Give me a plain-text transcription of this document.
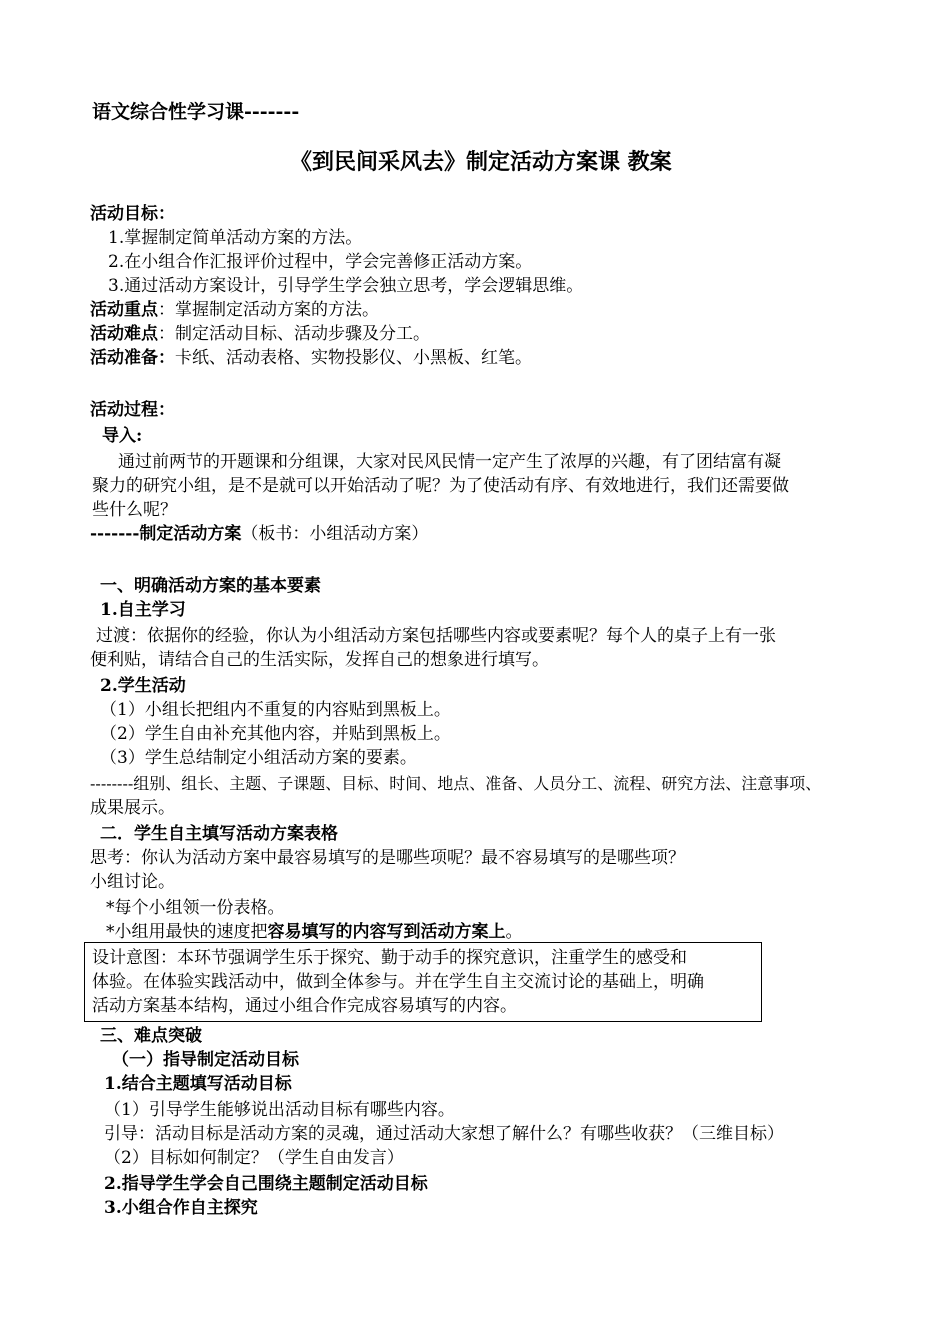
语文综合性学习课-------
《到民间采风去》制定活动方案课 教案
活动目标：
1.掌握制定简单活动方案的方法。
2.在小组合作汇报评价过程中，学会完善修正活动方案。
3.通过活动方案设计，引导学生学会独立思考，学会逻辑思维。
活动重点：掌握制定活动方案的方法。
活动难点：制定活动目标、活动步骤及分工。
活动准备：卡纸、活动表格、实物投影仪、小黑板、红笔。
活动过程：
导入:
通过前两节的开题课和分组课，大家对民风民情一定产生了浓厚的兴趣，有了团结富有凝
聚力的研究小组，是不是就可以开始活动了呢？为了使活动有序、有效地进行，我们还需要做
些什么呢？
-------制定活动方案（板书：小组活动方案）
一、明确活动方案的基本要素
1.自主学习
过渡：依据你的经验，你认为小组活动方案包括哪些内容或要素呢？每个人的桌子上有一张
便利贴，请结合自己的生活实际，发挥自己的想象进行填写。
2.学生活动
（1）小组长把组内不重复的内容贴到黑板上。
（2）学生自由补充其他内容，并贴到黑板上。
（3）学生总结制定小组活动方案的要素。
--------组别、组长、主题、子课题、目标、时间、地点、准备、人员分工、流程、研究方法、注意事项、
成果展示。
二．学生自主填写活动方案表格
思考：你认为活动方案中最容易填写的是哪些项呢？最不容易填写的是哪些项？
小组讨论。
*每个小组领一份表格。
*小组用最快的速度把容易填写的内容写到活动方案上。
设计意图：本环节强调学生乐于探究、勤于动手的探究意识，注重学生的感受和
体验。在体验实践活动中，做到全体参与。并在学生自主交流讨论的基础上，明确
活动方案基本结构，通过小组合作完成容易填写的内容。
三、难点突破
（一）指导制定活动目标
1.结合主题填写活动目标
（1）引导学生能够说出活动目标有哪些内容。
引导：活动目标是活动方案的灵魂，通过活动大家想了解什么？有哪些收获？（三维目标）
（2）目标如何制定？（学生自由发言）
2.指导学生学会自己围绕主题制定活动目标
3.小组合作自主探究
